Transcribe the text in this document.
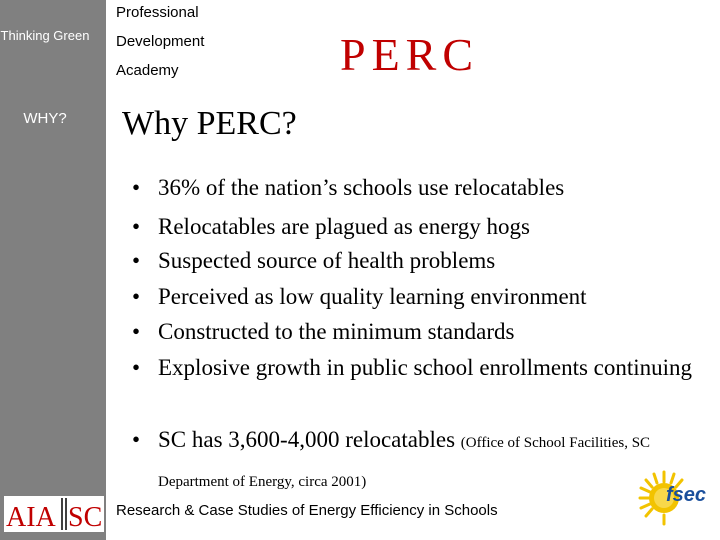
Thinking Green
WHY?
Professional
Development
Academy	PERC
Why PERC?
• 36% of the nation’s schools use relocatables
• Relocatables are plagued as energy hogs
• Suspected source of health problems
• Perceived as low quality learning environment
• Constructed to the minimum standards
• Explosive growth in public school enrollments continuing
• SC has 3,600-4,000 relocatables (Office of School Facilities, SC Department of Energy, circa 2001)
AIA SC Research & Case Studies of Energy Efficiency in Schools
fsec
